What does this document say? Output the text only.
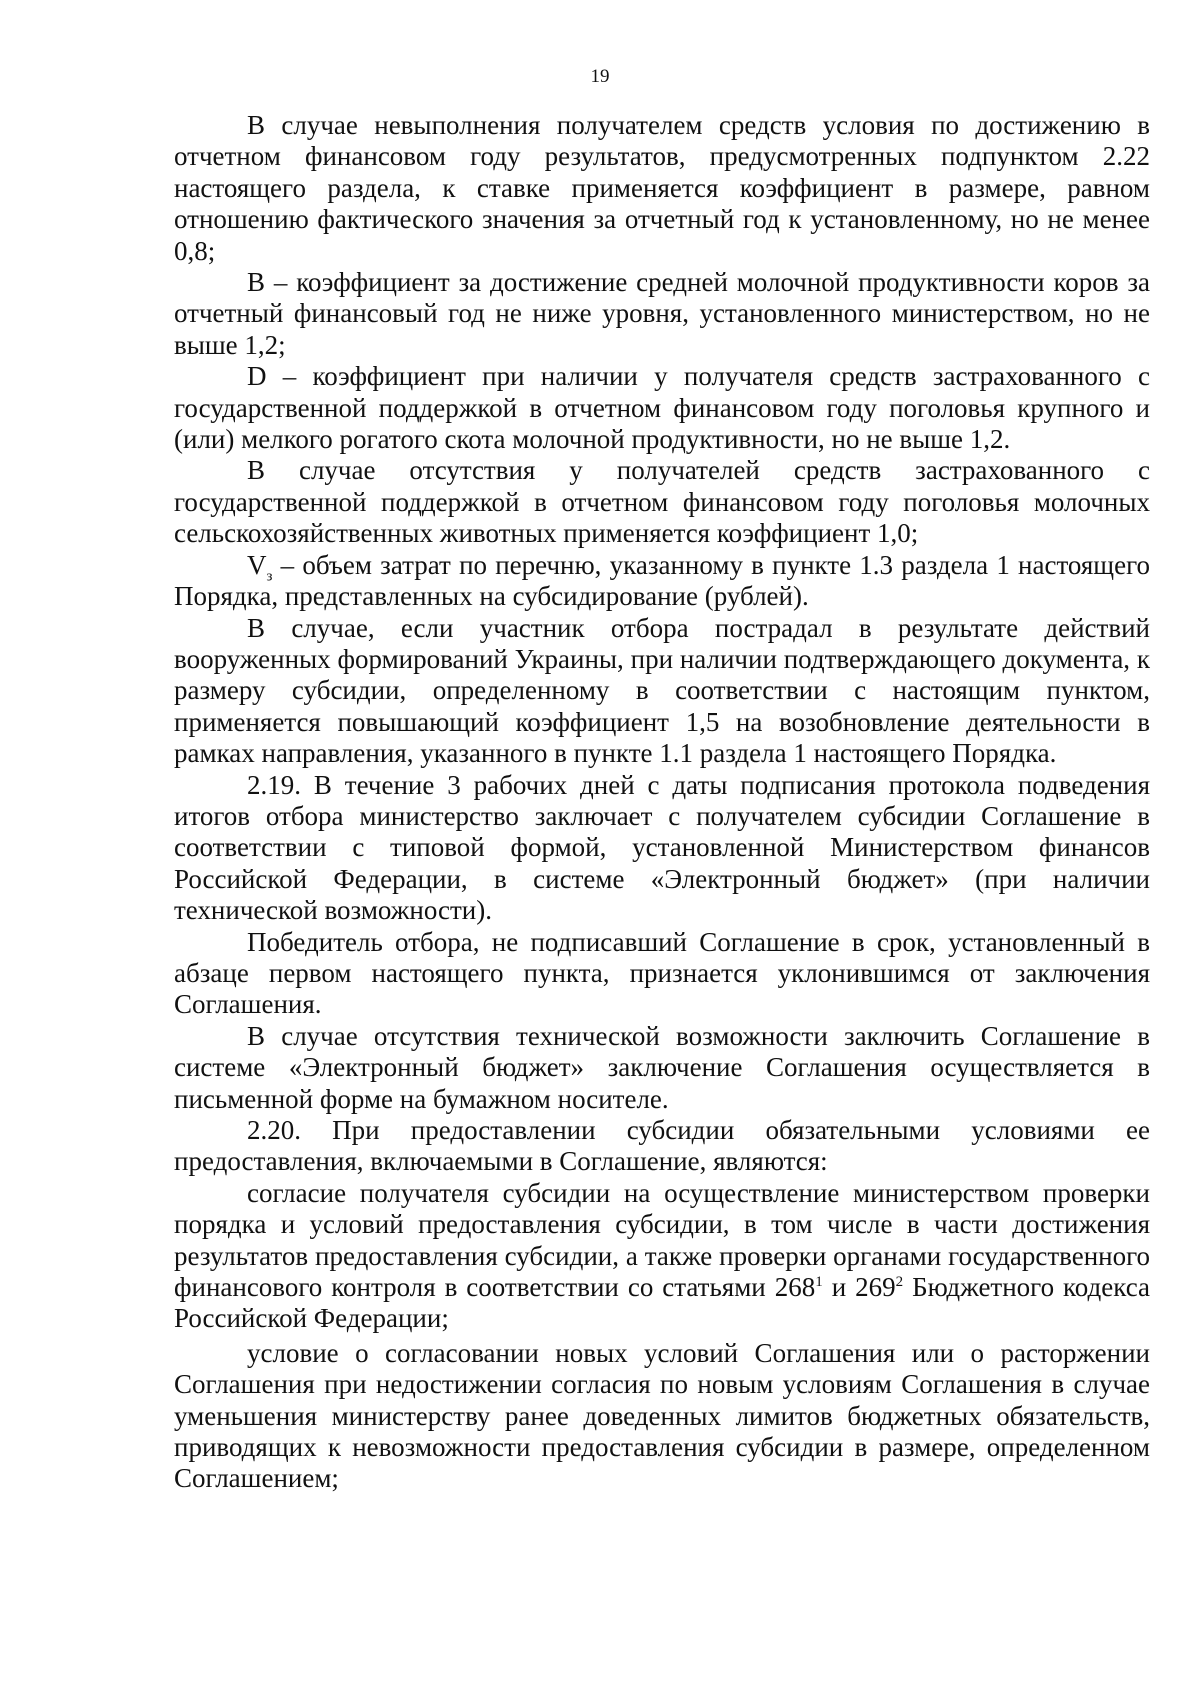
19

В случае невыполнения получателем средств условия по достижению в отчетном финансовом году результатов, предусмотренных подпунктом 2.22 настоящего раздела, к ставке применяется коэффициент в размере, равном отношению фактического значения за отчетный год к установленному, но не менее 0,8;

B – коэффициент за достижение средней молочной продуктивности коров за отчетный финансовый год не ниже уровня, установленного министерством, но не выше 1,2;

D – коэффициент при наличии у получателя средств застрахованного с государственной поддержкой в отчетном финансовом году поголовья крупного и (или) мелкого рогатого скота молочной продуктивности, но не выше 1,2.

В случае отсутствия у получателей средств застрахованного с государственной поддержкой в отчетном финансовом году поголовья молочных сельскохозяйственных животных применяется коэффициент 1,0;

$V_з$ – объем затрат по перечню, указанному в пункте 1.3 раздела 1 настоящего Порядка, представленных на субсидирование (рублей).

В случае, если участник отбора пострадал в результате действий вооруженных формирований Украины, при наличии подтверждающего документа, к размеру субсидии, определенному в соответствии с настоящим пунктом, применяется повышающий коэффициент 1,5 на возобновление деятельности в рамках направления, указанного в пункте 1.1 раздела 1 настоящего Порядка.

2.19. В течение 3 рабочих дней с даты подписания протокола подведения итогов отбора министерство заключает с получателем субсидии Соглашение в соответствии с типовой формой, установленной Министерством финансов Российской Федерации, в системе «Электронный бюджет» (при наличии технической возможности).

Победитель отбора, не подписавший Соглашение в срок, установленный в абзаце первом настоящего пункта, признается уклонившимся от заключения Соглашения.

В случае отсутствия технической возможности заключить Соглашение в системе «Электронный бюджет» заключение Соглашения осуществляется в письменной форме на бумажном носителе.

2.20. При предоставлении субсидии обязательными условиями ее предоставления, включаемыми в Соглашение, являются:

согласие получателя субсидии на осуществление министерством проверки порядка и условий предоставления субсидии, в том числе в части достижения результатов предоставления субсидии, а также проверки органами государственного финансового контроля в соответствии со статьями $268^1$ и $269^2$ Бюджетного кодекса Российской Федерации;

условие о согласовании новых условий Соглашения или о расторжении Соглашения при недостижении согласия по новым условиям Соглашения в случае уменьшения министерству ранее доведенных лимитов бюджетных обязательств, приводящих к невозможности предоставления субсидии в размере, определенном Соглашением;
